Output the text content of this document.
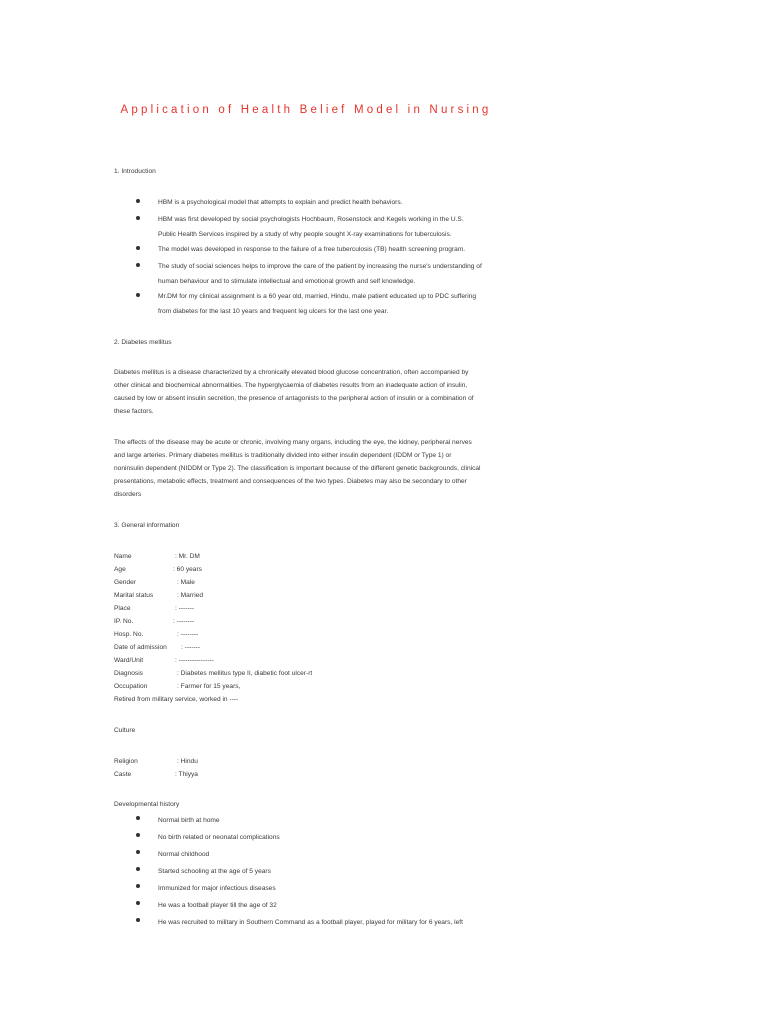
Application of Health Belief Model in Nursing
1. Introduction
HBM is a psychological model that attempts to explain and predict health behaviors.
HBM was first developed by social psychologists Hochbaum, Rosenstock and Kegels working in the U.S.
Public Health Services inspired by a study of why people sought X-ray examinations for tuberculosis.
The model was developed in response to the failure of a free tuberculosis (TB) health screening program.
The study of social sciences helps to improve the care of the patient by increasing the nurse's understanding of
human behaviour and to stimulate intellectual and emotional growth and self knowledge.
Mr.DM for my clinical assignment is a 60 year old, married, Hindu, male patient educated up to PDC suffering
from diabetes for the last 10 years and frequent leg ulcers for the last one year.
2. Diabetes mellitus
Diabetes mellitus is a disease characterized by a chronically elevated blood glucose concentration, often accompanied by
other clinical and biochemical abnormalities. The hyperglycaemia of diabetes results from an inadequate action of insulin,
caused by low or absent insulin secretion, the presence of antagonists to the peripheral action of insulin or a combination of
these factors.
The effects of the disease may be acute or chronic, involving many organs, including the eye, the kidney, peripheral nerves
and large arteries. Primary diabetes mellitus is traditionally divided into either insulin dependent (IDDM or Type 1) or
noninsulin dependent (NIDDM or Type 2). The classification is important because of the different genetic backgrounds, clinical
presentations, metabolic effects, treatment and consequences of the two types. Diabetes may also be secondary to other
disorders
3. General information
Name	: Mr. DM
Age	: 60 years
Gender	: Male
Marital status	: Married
Place	: -------
IP. No.	: --------
Hosp. No.	: --------
Date of admission : -------
Ward/Unit	: ----------------
Diagnosis	: Diabetes mellitus type II, diabetic foot ulcer-rt
Occupation	: Farmer for 15 years,
Retired from military service, worked in ----
Culture
Religion	: Hindu
Caste	: Thiyya
Developmental history
Normal birth at home
No birth related or neonatal complications
Normal childhood
Started schooling at the age of 5 years
Immunized for major infectious diseases
He was a football player till the age of 32
He was recruited to military in Southern Command as a football player, played for military for 6 years, left
